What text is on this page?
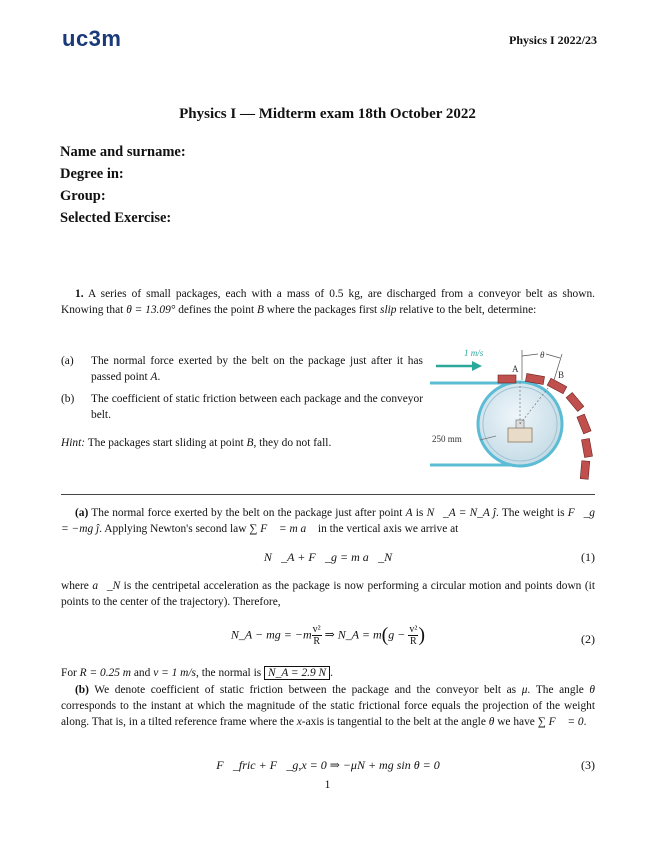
uc3m	Physics I 2022/23
Physics I — Midterm exam 18th October 2022
Name and surname:
Degree in:
Group:
Selected Exercise:

1. A series of small packages, each with a mass of 0.5 kg, are discharged from a conveyor belt as shown. Knowing that θ = 13.09° defines the point B where the packages first slip relative to the belt, determine:

(a)	The normal force exerted by the belt on the package just after it has passed point A.
(b)	The coefficient of static friction between each package and the conveyor belt.
Hint: The packages start sliding at point B, they do not fall.
1 m/s
A
B
θ
250 mm

(a) The normal force exerted by the belt on the package just after point A is N⃗_A = N_A ĵ. The weight is F⃗_g = −mg ĵ. Applying Newton's second law ∑ F⃗ = m a⃗ in the vertical axis we arrive at

N⃗_A + F⃗_g = m a⃗_N	(1)

where a⃗_N is the centripetal acceleration as the package is now performing a circular motion and points down (it points to the center of the trajectory). Therefore,

N_A − mg = $-m \frac{\text{v²}}{R}$ ⇒ N_A = $m(g - \frac{\text{v²}}{R}$ )	(2)

For R = 0.25 m and v = 1 m/s, the normal is N_A = 2.9 N .

(b) We denote coefficient of static friction between the package and the conveyor belt as μ. The angle θ corresponds to the instant at which the magnitude of the static frictional force equals the projection of the weight along. That is, in a tilted reference frame where the x-axis is tangential to the belt at the angle θ we have ∑ F⃗ = 0.

F⃗_fric + F⃗_g,x = 0 ⇒ −μN + mg sin θ = 0	(3)
1
